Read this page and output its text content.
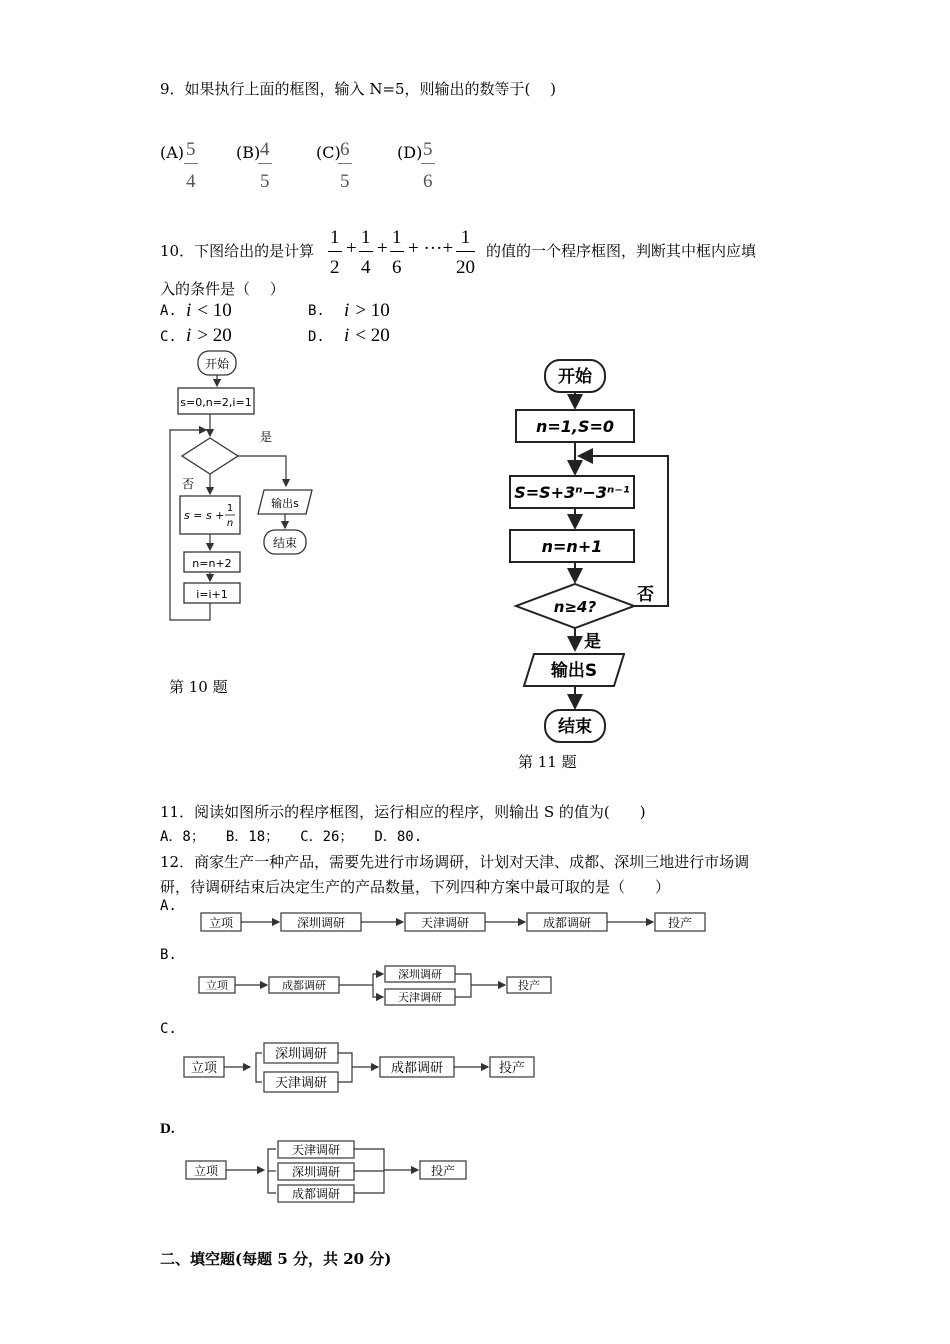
9．如果执行上面的框图，输入 N=5，则输出的数等于(　 )
$(A) \frac{5}{4} (B)$
$\frac{4}{5}$	(C)
$\frac{6}{5}$	(D)
$\frac{5}{6}$
10．下图给出的是计算 $\frac{1}{2} + \frac{1}{4} + \frac{1}{6}$ + ···+ $\frac{1}{20}$ 的值的一个程序框图，判断其中框内应填
入的条件是（　 ）
A. i < 10	B. i > 10
C. i > 20	D. i < 20
开始
s=0,n=2,i=1
是
否
输出s
结束
s = s +
1
n
n=n+2
i=i+1
第 10 题
开始
n=1,S=0
S=S+3ⁿ−3ⁿ⁻¹
n=n+1
n≥4?
否
是
输出S
结束
第 11 题
11．阅读如图所示的程序框图，运行相应的程序，则输出 S 的值为(　　)
A．8；　　B．18；　　C．26；　　D．80.
12．商家生产一种产品，需要先进行市场调研，计划对天津、成都、深圳三地进行市场调
研，待调研结束后决定生产的产品数量，下列四种方案中最可取的是（　　）
A.
立项	深圳调研	天津调研	成都调研	投产
B.
立项	成都调研
深圳调研
天津调研
投产
C.
立项
深圳调研
天津调研
成都调研	投产
D.
立项
天津调研
深圳调研
成都调研
投产
二、填空题(每题 5 分，共 20 分)
